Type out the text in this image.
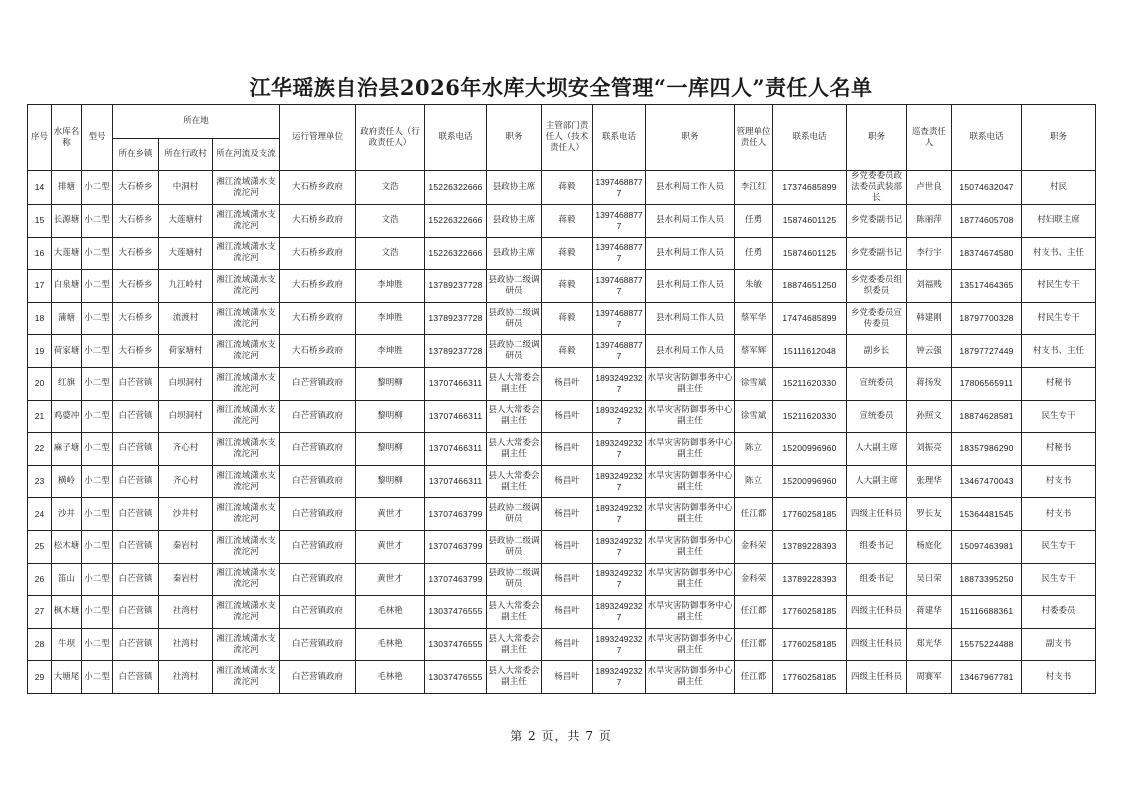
江华瑶族自治县2026年水库大坝安全管理“一库四人”责任人名单
序号	水库名称	型号	所在地			运行管理单位	政府责任人（行政责任人）	联系电话	职务	主管部门责任人（技术责任人）	联系电话	职务	管理单位责任人	联系电话	职务	巡查责任人	联系电话	职务
			所在乡镇	所在行政村	所在河流及支流													
14	排塘	小二型	大石桥乡	中洞村	湘江流域潇水支流沱河	大石桥乡政府	文浩	15226322666	县政协主席	蒋毅	13974688777	县水利局工作人员	李江红	17374685899	乡党委委员政法委员武装部长	卢世良	15074632047	村民
15	长源塘	小二型	大石桥乡	大莲塘村	湘江流域潇水支流沱河	大石桥乡政府	文浩	15226322666	县政协主席	蒋毅	13974688777	县水利局工作人员	任勇	15874601125	乡党委副书记	陈丽萍	18774605708	村妇联主席
16	大莲塘	小二型	大石桥乡	大莲塘村	湘江流域潇水支流沱河	大石桥乡政府	文浩	15226322666	县政协主席	蒋毅	13974688777	县水利局工作人员	任勇	15874601125	乡党委副书记	李行宇	18374674580	村支书、主任
17	白泉塘	小二型	大石桥乡	九江岭村	湘江流域潇水支流沱河	大石桥乡政府	李坤胜	13789237728	县政协二级调研员	蒋毅	13974688777	县水利局工作人员	朱敏	18874651250	乡党委委员组织委员	刘福贱	13517464365	村民生专干
18	蒲塘	小二型	大石桥乡	流渡村	湘江流域潇水支流沱河	大石桥乡政府	李坤胜	13789237728	县政协二级调研员	蒋毅	13974688777	县水利局工作人员	蔡军华	17474685899	乡党委委员宣传委员	韩建刚	18797700328	村民生专干
19	荷家塘	小二型	大石桥乡	荷家塘村	湘江流域潇水支流沱河	大石桥乡政府	李坤胜	13789237728	县政协二级调研员	蒋毅	13974688777	县水利局工作人员	蔡军辉	15111612048	副乡长	钟云强	18797727449	村支书、主任
20	红旗	小二型	白芒营镇	白坝洞村	湘江流域潇水支流沱河	白芒营镇政府	黎明柳	13707466311	县人大常委会副主任	杨昌叶	18932492327	水旱灾害防御事务中心副主任	徐雪斌	15211620330	宣统委员	蒋扬发	17806565911	村秘书
21	鸡婆冲	小二型	白芒营镇	白坝洞村	湘江流域潇水支流沱河	白芒营镇政府	黎明柳	13707466311	县人大常委会副主任	杨昌叶	18932492327	水旱灾害防御事务中心副主任	徐雪斌	15211620330	宣统委员	孙照文	18874628581	民生专干
22	麻子塘	小二型	白芒营镇	齐心村	湘江流域潇水支流沱河	白芒营镇政府	黎明柳	13707466311	县人大常委会副主任	杨昌叶	18932492327	水旱灾害防御事务中心副主任	陈立	15200996960	人大副主席	刘振亮	18357986290	村秘书
23	横岭	小二型	白芒营镇	齐心村	湘江流域潇水支流沱河	白芒营镇政府	黎明柳	13707466311	县人大常委会副主任	杨昌叶	18932492327	水旱灾害防御事务中心副主任	陈立	15200996960	人大副主席	张理华	13467470043	村支书
24	沙井	小二型	白芒营镇	沙井村	湘江流域潇水支流沱河	白芒营镇政府	黄世才	13707463799	县政协二级调研员	杨昌叶	18932492327	水旱灾害防御事务中心副主任	任江都	17760258185	四级主任科员	罗长友	15364481545	村支书
25	松木塘	小二型	白芒营镇	秦岩村	湘江流域潇水支流沱河	白芒营镇政府	黄世才	13707463799	县政协二级调研员	杨昌叶	18932492327	水旱灾害防御事务中心副主任	金科荣	13789228393	组委书记	杨庭化	15097463981	民生专干
26	笛山	小二型	白芒营镇	秦岩村	湘江流域潇水支流沱河	白芒营镇政府	黄世才	13707463799	县政协二级调研员	杨昌叶	18932492327	水旱灾害防御事务中心副主任	金科荣	13789228393	组委书记	吴日荣	18873395250	民生专干
27	枫木塘	小二型	白芒营镇	社湾村	湘江流域潇水支流沱河	白芒营镇政府	毛林艳	13037476555	县人大常委会副主任	杨昌叶	18932492327	水旱灾害防御事务中心副主任	任江都	17760258185	四级主任科员	蒋建华	15116688361	村委委员
28	牛坝	小二型	白芒营镇	社湾村	湘江流域潇水支流沱河	白芒营镇政府	毛林艳	13037476555	县人大常委会副主任	杨昌叶	18932492327	水旱灾害防御事务中心副主任	任江都	17760258185	四级主任科员	郑光华	15575224488	副支书
29	大塘尾	小二型	白芒营镇	社湾村	湘江流域潇水支流沱河	白芒营镇政府	毛林艳	13037476555	县人大常委会副主任	杨昌叶	18932492327	水旱灾害防御事务中心副主任	任江都	17760258185	四级主任科员	周赛军	13467967781	村支书
第 2 页，共 7 页
